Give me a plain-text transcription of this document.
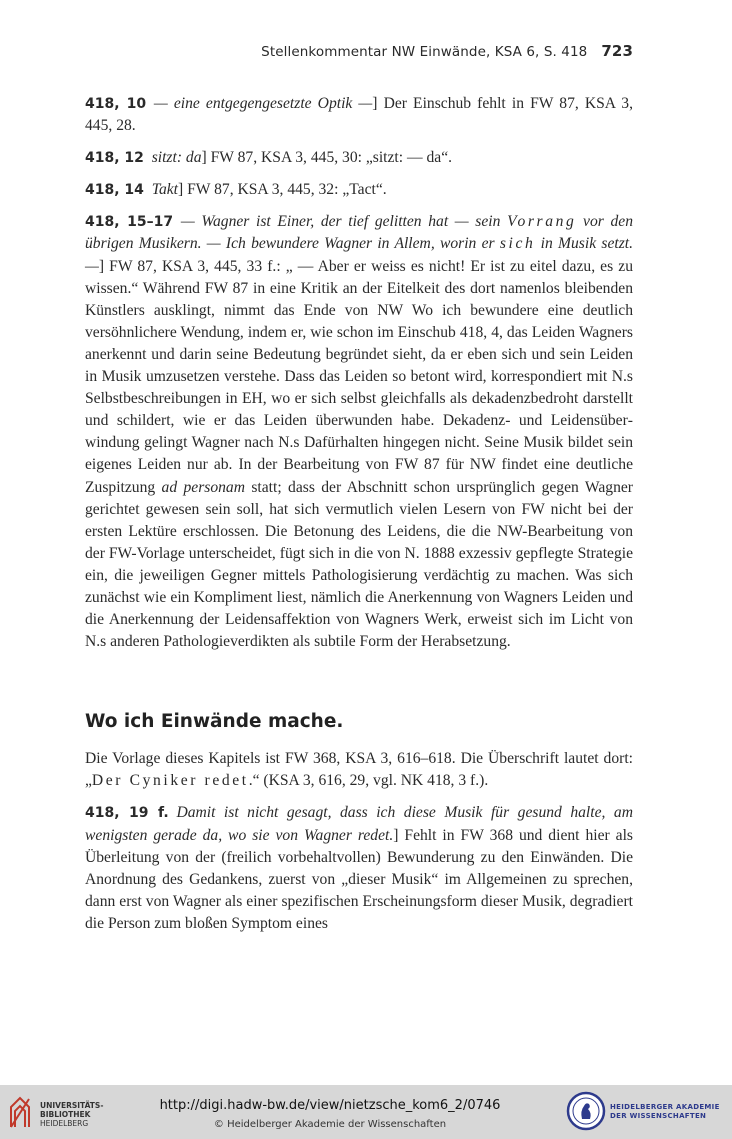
Stellenkommentar NW Einwände, KSA 6, S. 418 723

418, 10  — eine entgegengesetzte Optik —] Der Einschub fehlt in FW 87, KSA 3, 445, 28.

418, 12  sitzt: da] FW 87, KSA 3, 445, 30: „sitzt: — da“.

418, 14  Takt] FW 87, KSA 3, 445, 32: „Tact“.

418, 15–17  — Wagner ist Einer, der tief gelitten hat — sein Vorrang vor den übrigen Musikern. — Ich bewundere Wagner in Allem, worin er sich in Musik setzt. —] FW 87, KSA 3, 445, 33 f.: „ — Aber er weiss es nicht! Er ist zu eitel dazu, es zu wissen.“ Während FW 87 in eine Kritik an der Eitelkeit des dort namenlos bleibenden Künstlers ausklingt, nimmt das Ende von NW Wo ich bewundere eine deutlich versöhnlichere Wendung, indem er, wie schon im Einschub 418, 4, das Leiden Wagners anerkennt und darin seine Bedeutung begründet sieht, da er eben sich und sein Leiden in Musik umzusetzen verstehe. Dass das Leiden so betont wird, korrespondiert mit N.s Selbstbeschreibungen in EH, wo er sich selbst gleichfalls als dekadenzbedroht darstellt und schildert, wie er das Leiden überwunden habe. Dekadenz- und Leidensüberwindung gelingt Wagner nach N.s Dafürhalten hingegen nicht. Seine Musik bildet sein eigenes Leiden nur ab. In der Bearbeitung von FW 87 für NW findet eine deutliche Zuspitzung ad personam statt; dass der Abschnitt schon ursprünglich gegen Wagner gerichtet gewesen sein soll, hat sich vermutlich vielen Lesern von FW nicht bei der ersten Lektüre erschlossen. Die Betonung des Leidens, die die NW-Bearbeitung von der FW-Vorlage unterscheidet, fügt sich in die von N. 1888 exzessiv gepflegte Strategie ein, die jeweiligen Gegner mittels Pathologisierung verdächtig zu machen. Was sich zunächst wie ein Kompliment liest, nämlich die Anerkennung von Wagners Leiden und die Anerkennung der Leidensaffektion von Wagners Werk, erweist sich im Licht von N.s anderen Pathologieverdikten als subtile Form der Herabsetzung.

Wo ich Einwände mache.

Die Vorlage dieses Kapitels ist FW 368, KSA 3, 616–618. Die Überschrift lautet dort: „Der Cyniker redet.“ (KSA 3, 616, 29, vgl. NK 418, 3 f.).

418, 19 f.  Damit ist nicht gesagt, dass ich diese Musik für gesund halte, am wenigsten gerade da, wo sie von Wagner redet.] Fehlt in FW 368 und dient hier als Überleitung von der (freilich vorbehaltvollen) Bewunderung zu den Einwänden. Die Anordnung des Gedankens, zuerst von „dieser Musik“ im Allgemeinen zu sprechen, dann erst von Wagner als einer spezifischen Erscheinungsform dieser Musik, degradiert die Person zum bloßen Symptom eines

UNIVERSITÄTS-
BIBLIOTHEK
HEIDELBERG
http://digi.hadw-bw.de/view/nietzsche_kom6_2/0746
© Heidelberger Akademie der Wissenschaften
HEIDELBERGER AKADEMIE
DER WISSENSCHAFTEN
